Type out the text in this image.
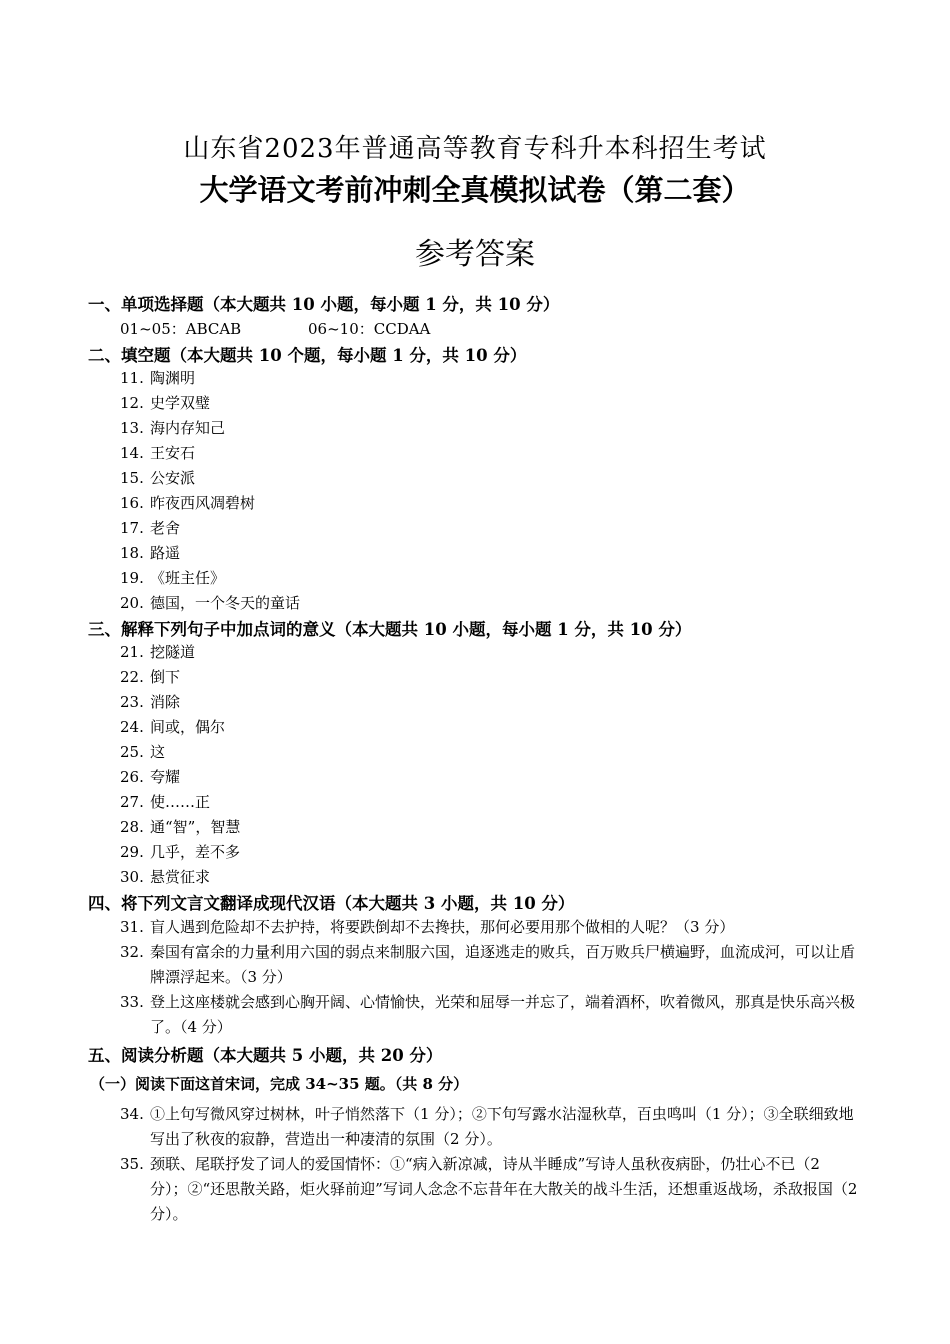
山东省2023年普通高等教育专科升本科招生考试
大学语文考前冲刺全真模拟试卷（第二套）
参考答案
一、单项选择题（本大题共 10 小题，每小题 1 分，共 10 分）
01~05：ABCAB	06~10：CCDAA
二、填空题（本大题共 10 个题，每小题 1 分，共 10 分）
11. 陶渊明
12. 史学双璧
13. 海内存知己
14. 王安石
15. 公安派
16. 昨夜西风凋碧树
17. 老舍
18. 路遥
19. 《班主任》
20. 德国，一个冬天的童话
三、解释下列句子中加点词的意义（本大题共 10 小题，每小题 1 分，共 10 分）
21. 挖隧道
22. 倒下
23. 消除
24. 间或，偶尔
25. 这
26. 夸耀
27. 使……正
28. 通“智”，智慧
29. 几乎，差不多
30. 悬赏征求
四、将下列文言文翻译成现代汉语（本大题共 3 小题，共 10 分）
31. 盲人遇到危险却不去护持，将要跌倒却不去搀扶，那何必要用那个做相的人呢？（3 分）
32. 秦国有富余的力量利用六国的弱点来制服六国，追逐逃走的败兵，百万败兵尸横遍野，血流成河，可以让盾牌漂浮起来。（3 分）
33. 登上这座楼就会感到心胸开阔、心情愉快，光荣和屈辱一并忘了，端着酒杯，吹着微风，那真是快乐高兴极了。（4 分）
五、阅读分析题（本大题共 5 小题，共 20 分）
（一）阅读下面这首宋词，完成 34~35 题。（共 8 分）
34. ①上句写微风穿过树林，叶子悄然落下（1 分）；②下句写露水沾湿秋草，百虫鸣叫（1 分）；③全联细致地写出了秋夜的寂静，营造出一种凄清的氛围（2 分）。
35. 颈联、尾联抒发了词人的爱国情怀：①“病入新凉减，诗从半睡成”写诗人虽秋夜病卧，仍壮心不已（2 分）；②“还思散关路，炬火驿前迎”写词人念念不忘昔年在大散关的战斗生活，还想重返战场，杀敌报国（2 分）。
